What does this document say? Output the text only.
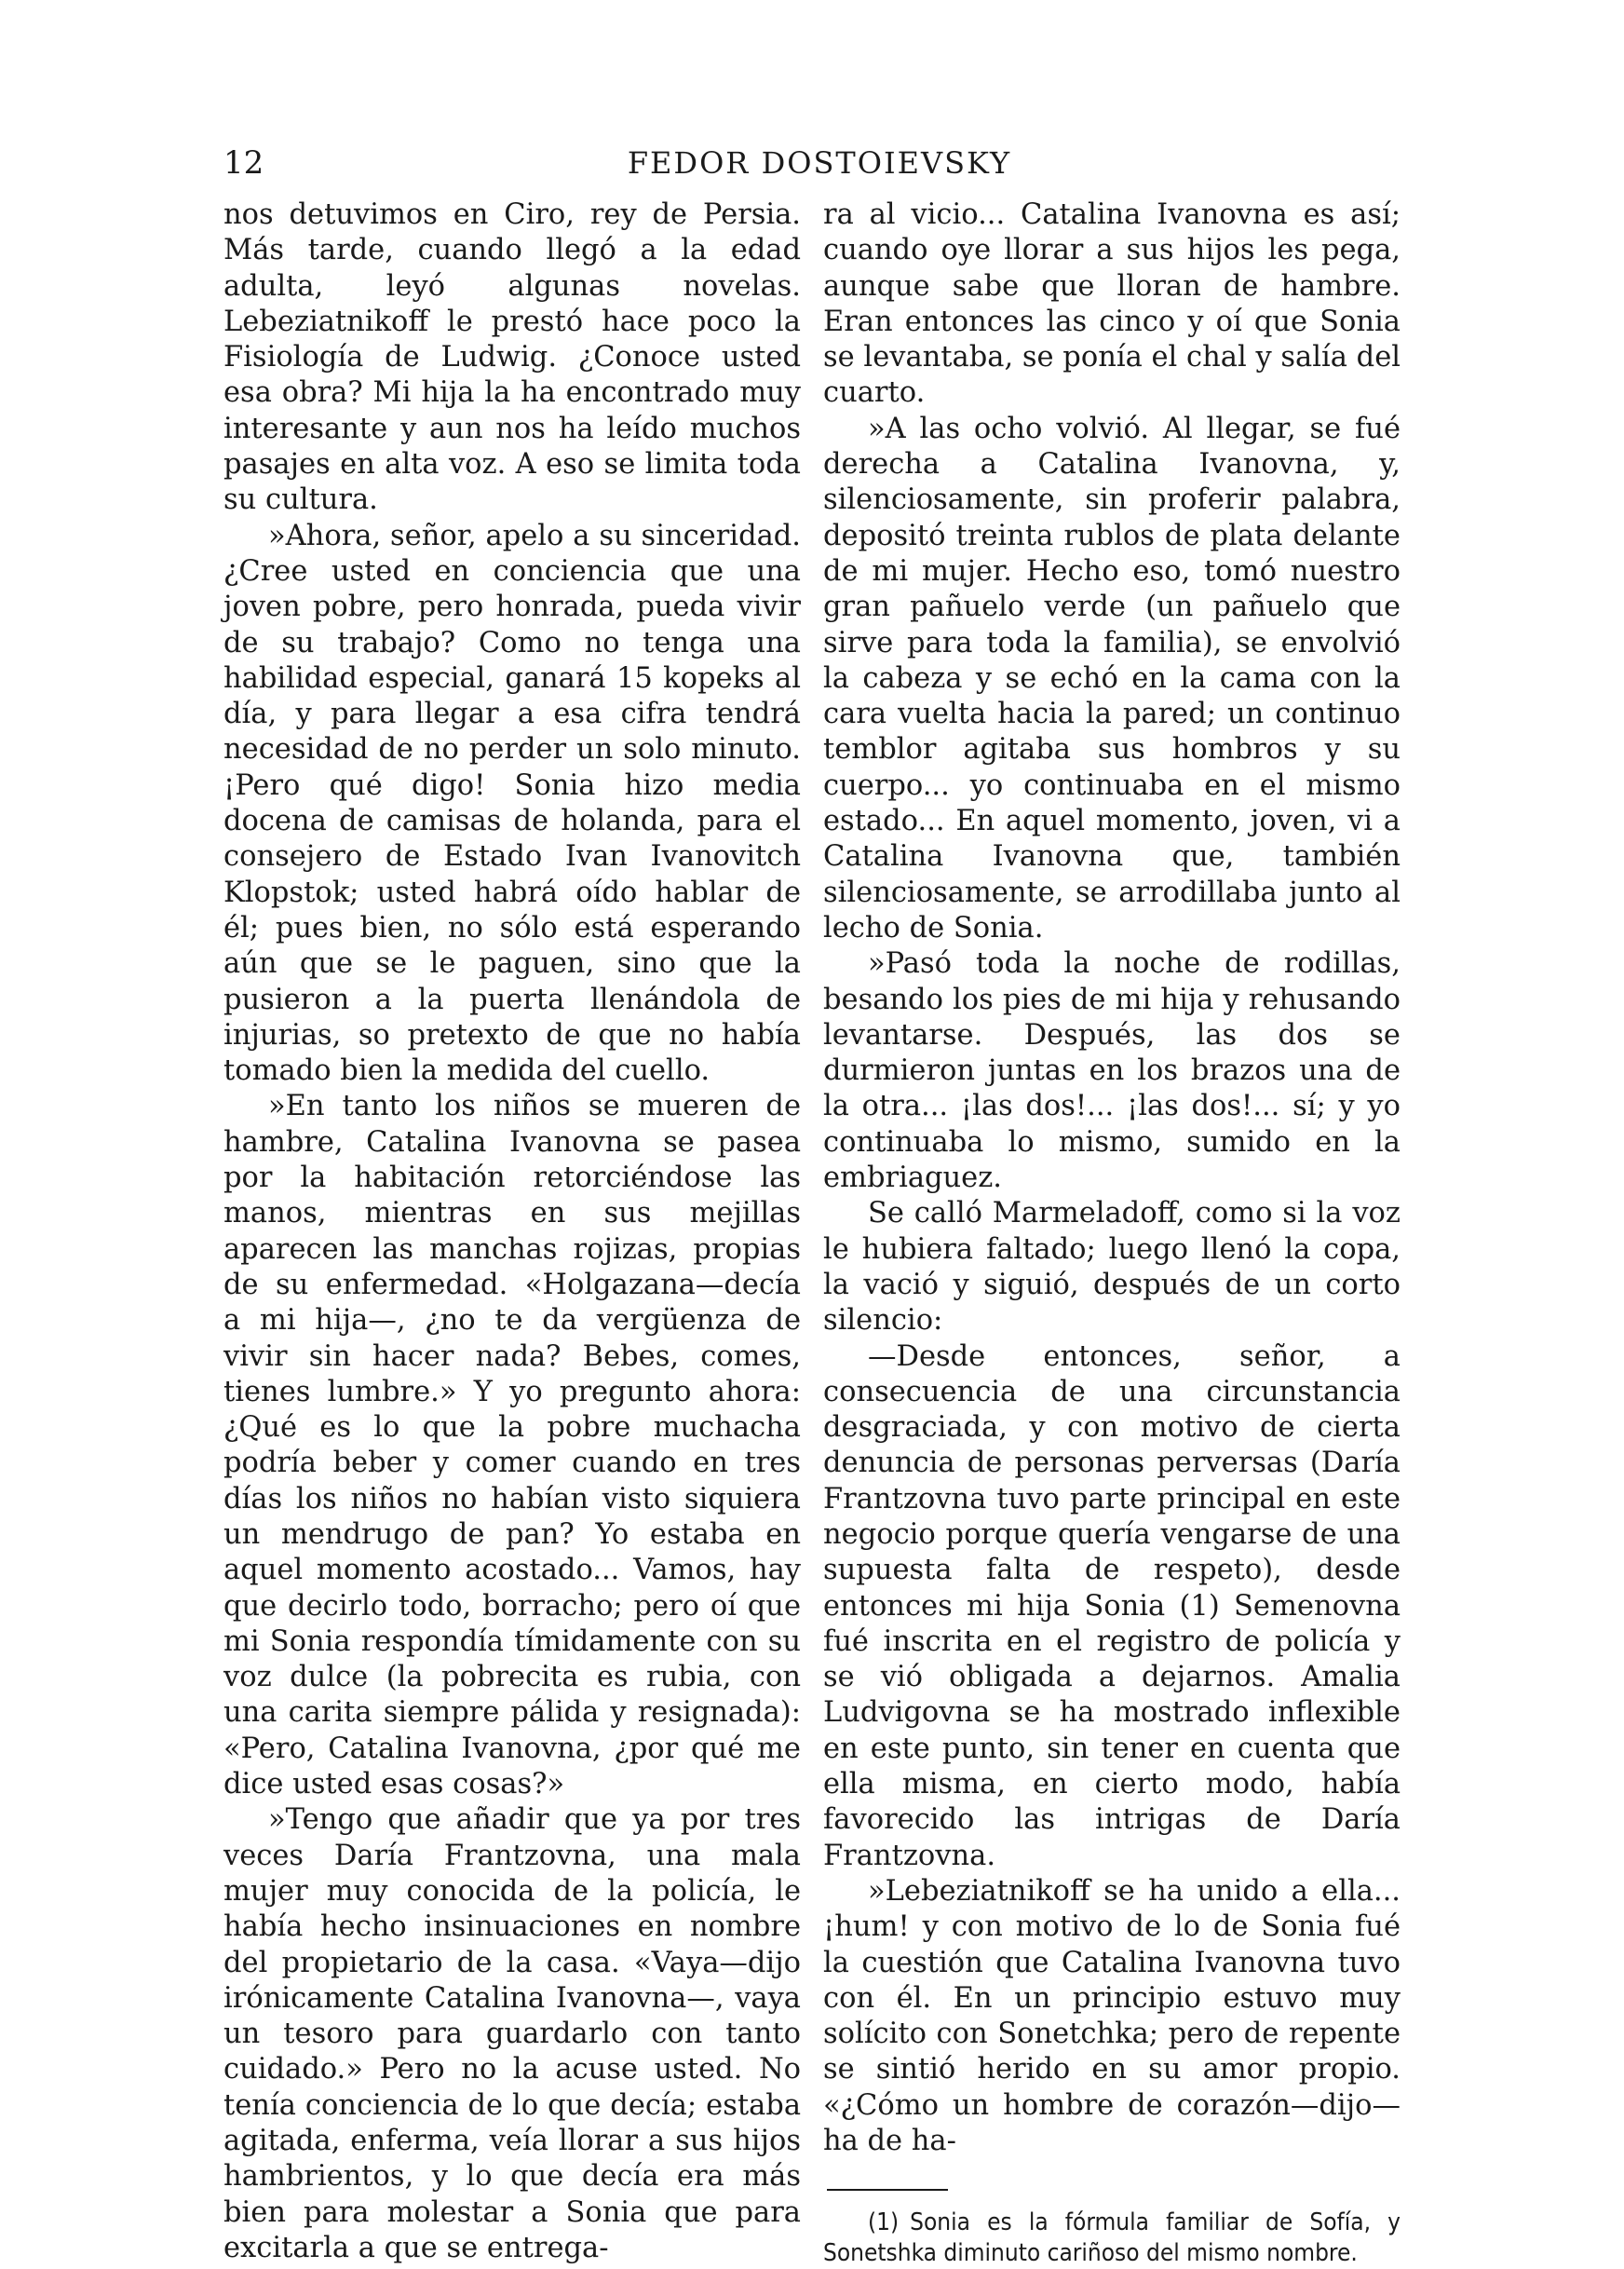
12	FEDOR DOSTOIEVSKY

nos detuvimos en Ciro, rey de Persia. Más tarde, cuando llegó a la edad adulta, leyó algunas novelas. Lebeziatnikoff le prestó hace poco la Fisiología de Ludwig. ¿Conoce usted esa obra? Mi hija la ha encontrado muy interesante y aun nos ha leído muchos pasajes en alta voz. A eso se limita toda su cultura.

»Ahora, señor, apelo a su sinceridad. ¿Cree usted en conciencia que una joven pobre, pero honrada, pueda vivir de su trabajo? Como no tenga una habilidad especial, ganará 15 kopeks al día, y para llegar a esa cifra tendrá necesidad de no perder un solo minuto. ¡Pero qué digo! Sonia hizo media docena de camisas de holanda, para el consejero de Estado Ivan Ivanovitch Klopstok; usted habrá oído hablar de él; pues bien, no sólo está esperando aún que se le paguen, sino que la pusieron a la puerta llenándola de injurias, so pretexto de que no había tomado bien la medida del cuello.

»En tanto los niños se mueren de hambre, Catalina Ivanovna se pasea por la habitación retorciéndose las manos, mientras en sus mejillas aparecen las manchas rojizas, propias de su enfermedad. «Holgazana—decía a mi hija—, ¿no te da vergüenza de vivir sin hacer nada? Bebes, comes, tienes lumbre.» Y yo pregunto ahora: ¿Qué es lo que la pobre muchacha podría beber y comer cuando en tres días los niños no habían visto siquiera un mendrugo de pan? Yo estaba en aquel momento acostado... Vamos, hay que decirlo todo, borracho; pero oí que mi Sonia respondía tímidamente con su voz dulce (la pobrecita es rubia, con una carita siempre pálida y resignada): «Pero, Catalina Ivanovna, ¿por qué me dice usted esas cosas?»

»Tengo que añadir que ya por tres veces Daría Frantzovna, una mala mujer muy conocida de la policía, le había hecho insinuaciones en nombre del propietario de la casa. «Vaya—dijo irónicamente Catalina Ivanovna—, vaya un tesoro para guardarlo con tanto cuidado.» Pero no la acuse usted. No tenía conciencia de lo que decía; estaba agitada, enferma, veía llorar a sus hijos hambrientos, y lo que decía era más bien para molestar a Sonia que para excitarla a que se entrega-

ra al vicio... Catalina Ivanovna es así; cuando oye llorar a sus hijos les pega, aunque sabe que lloran de hambre. Eran entonces las cinco y oí que Sonia se levantaba, se ponía el chal y salía del cuarto.

»A las ocho volvió. Al llegar, se fué derecha a Catalina Ivanovna, y, silenciosamente, sin proferir palabra, depositó treinta rublos de plata delante de mi mujer. Hecho eso, tomó nuestro gran pañuelo verde (un pañuelo que sirve para toda la familia), se envolvió la cabeza y se echó en la cama con la cara vuelta hacia la pared; un continuo temblor agitaba sus hombros y su cuerpo... yo continuaba en el mismo estado... En aquel momento, joven, vi a Catalina Ivanovna que, también silenciosamente, se arrodillaba junto al lecho de Sonia.

»Pasó toda la noche de rodillas, besando los pies de mi hija y rehusando levantarse. Después, las dos se durmieron juntas en los brazos una de la otra... ¡las dos!... ¡las dos!... sí; y yo continuaba lo mismo, sumido en la embriaguez.

Se calló Marmeladoff, como si la voz le hubiera faltado; luego llenó la copa, la vació y siguió, después de un corto silencio:

—Desde entonces, señor, a consecuencia de una circunstancia desgraciada, y con motivo de cierta denuncia de personas perversas (Daría Frantzovna tuvo parte principal en este negocio porque quería vengarse de una supuesta falta de respeto), desde entonces mi hija Sonia (1) Semenovna fué inscrita en el registro de policía y se vió obligada a dejarnos. Amalia Ludvigovna se ha mostrado inflexible en este punto, sin tener en cuenta que ella misma, en cierto modo, había favorecido las intrigas de Daría Frantzovna.

»Lebeziatnikoff se ha unido a ella... ¡hum! y con motivo de lo de Sonia fué la cuestión que Catalina Ivanovna tuvo con él. En un principio estuvo muy solícito con Sonetchka; pero de repente se sintió herido en su amor propio. «¿Cómo un hombre de corazón—dijo—ha de ha-

(1) Sonia es la fórmula familiar de Sofía, y Sonetshka diminuto cariñoso del mismo nombre.
